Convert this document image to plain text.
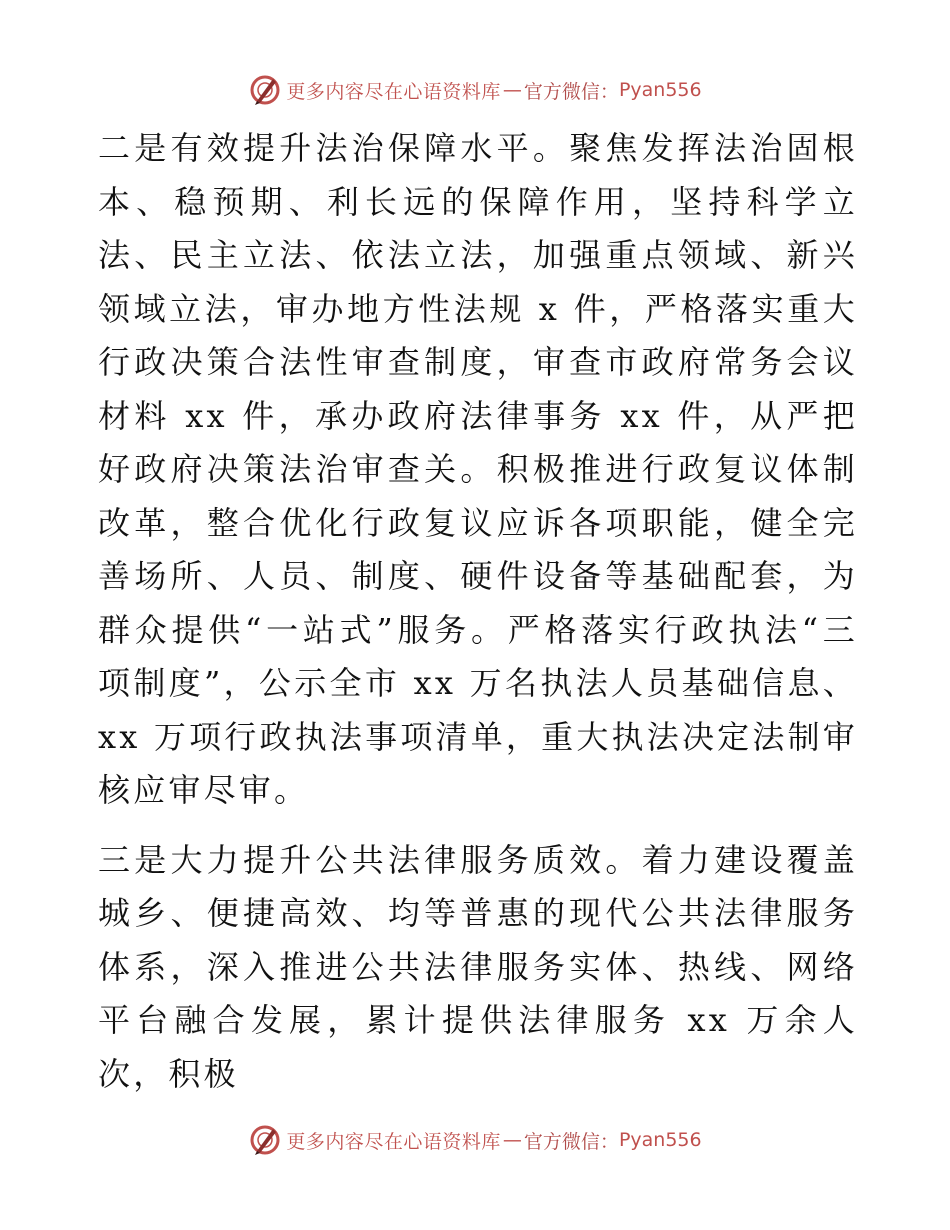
更多内容尽在心语资料库 — 官方微信： Pyan556

二是有效提升法治保障水平。聚焦发挥法治固根本、稳预期、利长远的保障作用，坚持科学立法、民主立法、依法立法，加强重点领域、新兴领域立法，审办地方性法规 x 件，严格落实重大行政决策合法性审查制度，审查市政府常务会议材料 xx 件，承办政府法律事务 xx 件，从严把好政府决策法治审查关。积极推进行政复议体制改革，整合优化行政复议应诉各项职能，健全完善场所、人员、制度、硬件设备等基础配套，为群众提供“一站式”服务。严格落实行政执法“三项制度”，公示全市 xx 万名执法人员基础信息、xx 万项行政执法事项清单，重大执法决定法制审核应审尽审。

三是大力提升公共法律服务质效。着力建设覆盖城乡、便捷高效、均等普惠的现代公共法律服务体系，深入推进公共法律服务实体、热线、网络平台融合发展，累计提供法律服务 xx 万余人次，积极

更多内容尽在心语资料库 — 官方微信： Pyan556
